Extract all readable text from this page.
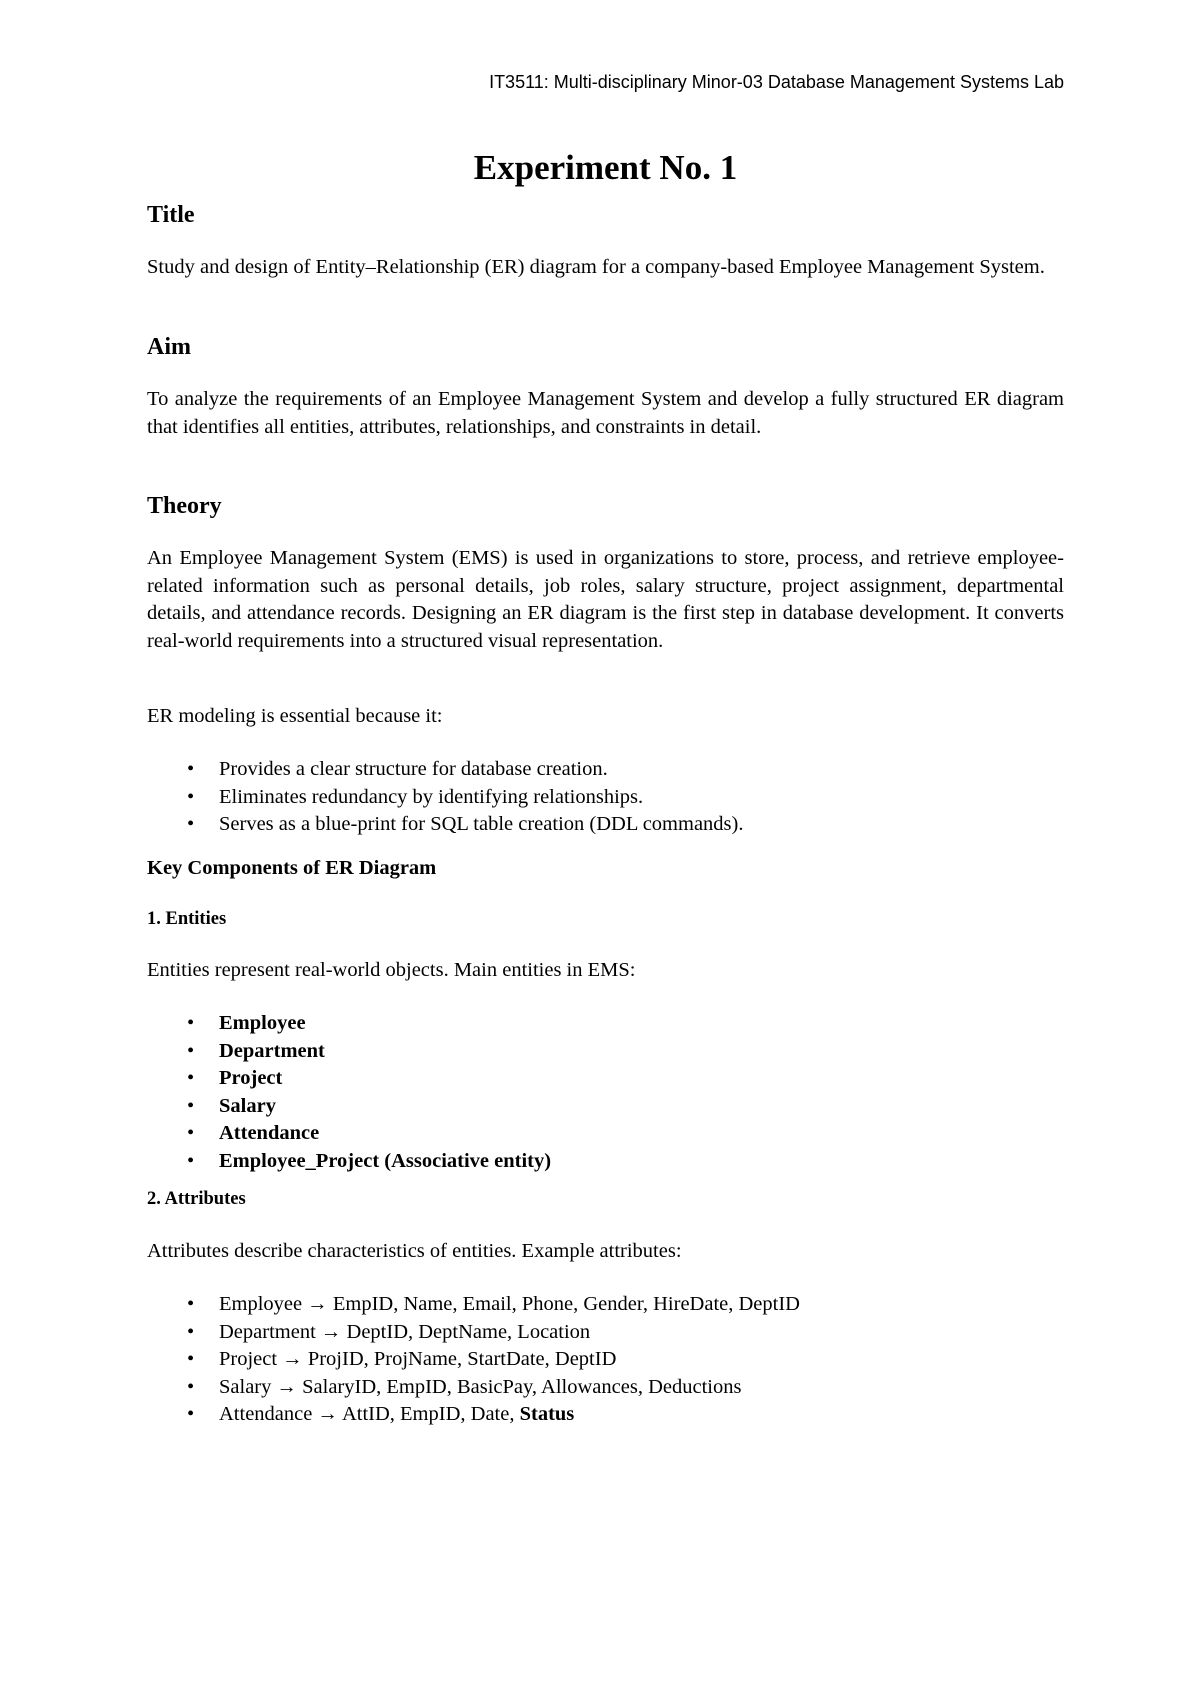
IT3511: Multi-disciplinary Minor-03 Database Management Systems Lab
Experiment No. 1
Title
Study and design of Entity–Relationship (ER) diagram for a company-based Employee Management System.
Aim
To analyze the requirements of an Employee Management System and develop a fully structured ER diagram that identifies all entities, attributes, relationships, and constraints in detail.
Theory
An Employee Management System (EMS) is used in organizations to store, process, and retrieve employee-related information such as personal details, job roles, salary structure, project assignment, departmental details, and attendance records. Designing an ER diagram is the first step in database development. It converts real-world requirements into a structured visual representation.
ER modeling is essential because it:
• Provides a clear structure for database creation.
• Eliminates redundancy by identifying relationships.
• Serves as a blue-print for SQL table creation (DDL commands).
Key Components of ER Diagram
1. Entities
Entities represent real-world objects. Main entities in EMS:
• Employee
• Department
• Project
• Salary
• Attendance
• Employee_Project (Associative entity)
2. Attributes
Attributes describe characteristics of entities. Example attributes:
• Employee → EmpID, Name, Email, Phone, Gender, HireDate, DeptID
• Department → DeptID, DeptName, Location
• Project → ProjID, ProjName, StartDate, DeptID
• Salary → SalaryID, EmpID, BasicPay, Allowances, Deductions
• Attendance → AttID, EmpID, Date, Status
